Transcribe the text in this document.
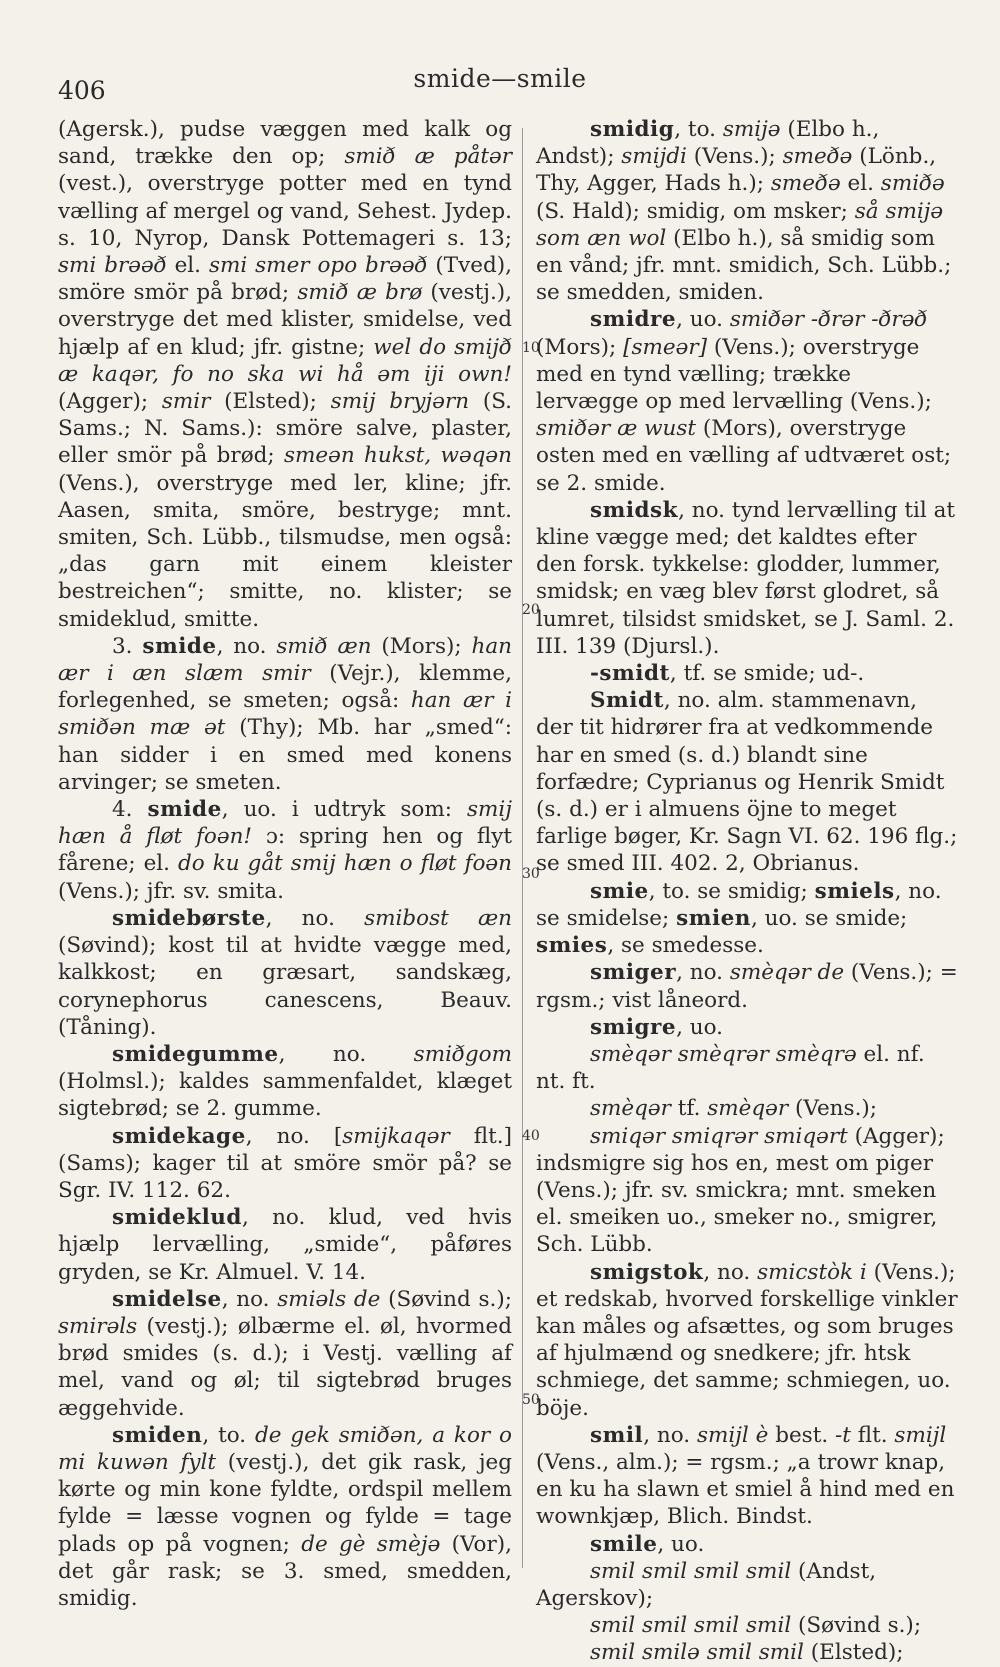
406	smide—smile
10
20
30
40
50

(Agersk.), pudse væggen med kalk og sand, trække den op; smið æ påtər (vest.), overstryge potter med en tynd vælling af mergel og vand, Sehest. Jydep. s. 10, Nyrop, Dansk Pottemageri s. 13; smi brəəð el. smi smer opo brəəð (Tved), smöre smör på brød; smið æ brø (vestj.), overstryge det med klister, smidelse, ved hjælp af en klud; jfr. gistne; wel do smijð æ kaqər, fo no ska wi hå əm iji own! (Agger); smir (Elsted); smij bryjərn (S. Sams.; N. Sams.): smöre salve, plaster, eller smör på brød; smeən hukst, wəqən (Vens.), overstryge med ler, kline; jfr. Aasen, smita, smöre, bestryge; mnt. smiten, Sch. Lübb., tilsmudse, men også: „das garn mit einem kleister bestreichen“; smitte, no. klister; se smideklud, smitte.

3. smide, no. smið æn (Mors); han ær i æn slæm smir (Vejr.), klemme, forlegenhed, se smeten; også: han ær i smiðən mæ ət (Thy); Mb. har „smed“: han sidder i en smed med konens arvinger; se smeten.

4. smide, uo. i udtryk som: smij hæn å fløt foən! ɔ: spring hen og flyt fårene; el. do ku gåt smij hæn o fløt foən (Vens.); jfr. sv. smita.

smidebørste, no. smibost æn (Søvind); kost til at hvidte vægge med, kalkkost; en græsart, sandskæg, corynephorus canescens, Beauv. (Tåning).

smidegumme, no. smiðgom (Holmsl.); kaldes sammenfaldet, klæget sigtebrød; se 2. gumme.

smidekage, no. [smijkaqər flt.] (Sams); kager til at smöre smör på? se Sgr. IV. 112. 62.

smideklud, no. klud, ved hvis hjælp lervælling, „smide“, påføres gryden, se Kr. Almuel. V. 14.

smidelse, no. smiəls de (Søvind s.); smirəls (vestj.); ølbærme el. øl, hvormed brød smides (s. d.); i Vestj. vælling af mel, vand og øl; til sigtebrød bruges æggehvide.

smiden, to. de gek smiðən, a kor o mi kuwən fylt (vestj.), det gik rask, jeg kørte og min kone fyldte, ordspil mellem fylde = læsse vognen og fylde = tage plads op på vognen; de gè smèjə (Vor), det går rask; se 3. smed, smedden, smidig.

smidig, to. smijə (Elbo h., Andst); smijdi (Vens.); smeðə (Lönb., Thy, Agger, Hads h.); smeðə el. smiðə (S. Hald); smidig, om msker; så smijə som æn wol (Elbo h.), så smidig som en vånd; jfr. mnt. smidich, Sch. Lübb.; se smedden, smiden.

smidre, uo. smiðər -ðrər -ðrəð (Mors); [smeər] (Vens.); overstryge med en tynd vælling; trække lervægge op med lervælling (Vens.); smiðər æ wust (Mors), overstryge osten med en vælling af udtværet ost; se 2. smide.

smidsk, no. tynd lervælling til at kline vægge med; det kaldtes efter den forsk. tykkelse: glodder, lummer, smidsk; en væg blev først glodret, så lumret, tilsidst smidsket, se J. Saml. 2. III. 139 (Djursl.).

-smidt, tf. se smide; ud-.

Smidt, no. alm. stammenavn, der tit hidrører fra at vedkommende har en smed (s. d.) blandt sine forfædre; Cyprianus og Henrik Smidt (s. d.) er i almuens öjne to meget farlige bøger, Kr. Sagn VI. 62. 196 flg.; se smed III. 402. 2, Obrianus.

smie, to. se smidig; smiels, no. se smidelse; smien, uo. se smide; smies, se smedesse.

smiger, no. smèqər de (Vens.); = rgsm.; vist låneord.

smigre, uo.

smèqər smèqrər smèqrə el. nf. nt. ft.

smèqər tf. smèqər (Vens.);

smiqər smiqrər smiqərt (Agger); indsmigre sig hos en, mest om piger (Vens.); jfr. sv. smickra; mnt. smeken el. smeiken uo., smeker no., smigrer, Sch. Lübb.

smigstok, no. smicstòk i (Vens.); et redskab, hvorved forskellige vinkler kan måles og afsættes, og som bruges af hjulmænd og snedkere; jfr. htsk schmiege, det samme; schmiegen, uo. böje.

smil, no. smijl è best. -t flt. smijl (Vens., alm.); = rgsm.; „a trowr knap, en ku ha slawn et smiel å hind med en wownkjæp, Blich. Bindst.

smile, uo.

smil smil smil smil (Andst, Agerskov);

smil smil smil smil (Søvind s.);

smil smilə smil smil (Elsted);
